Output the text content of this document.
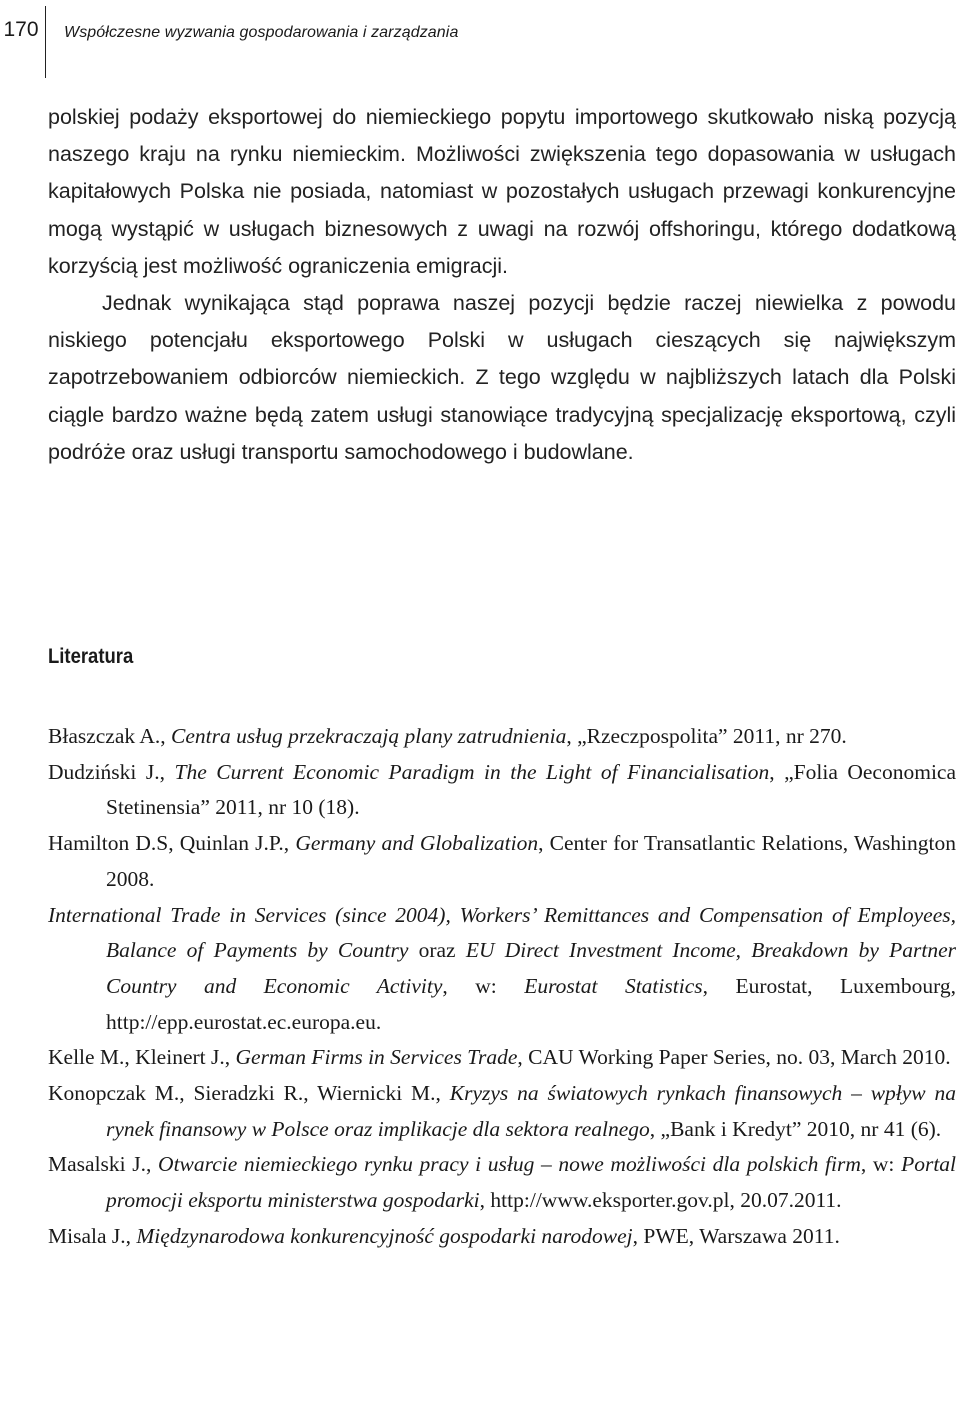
170 Współczesne wyzwania gospodarowania i zarządzania

polskiej podaży eksportowej do niemieckiego popytu importowego skutkowało niską pozycją naszego kraju na rynku niemieckim. Możliwości zwiększenia tego dopasowania w usługach kapitałowych Polska nie posiada, natomiast w pozostałych usługach przewagi konkurencyjne mogą wystąpić w usługach biznesowych z uwagi na rozwój offshoringu, którego dodatkową korzyścią jest możliwość ograniczenia emigracji.

Jednak wynikająca stąd poprawa naszej pozycji będzie raczej niewielka z powodu niskiego potencjału eksportowego Polski w usługach cieszących się największym zapotrzebowaniem odbiorców niemieckich. Z tego względu w najbliższych latach dla Polski ciągle bardzo ważne będą zatem usługi stanowiące tradycyjną specjalizację eksportową, czyli podróże oraz usługi transportu samochodowego i budowlane.

Literatura

Błaszczak A., Centra usług przekraczają plany zatrudnienia, „Rzeczpospolita” 2011, nr 270.

Dudziński J., The Current Economic Paradigm in the Light of Financialisation, „Folia Oeconomica Stetinensia” 2011, nr 10 (18).

Hamilton D.S, Quinlan J.P., Germany and Globalization, Center for Transatlantic Relations, Washington 2008.

International Trade in Services (since 2004), Workers’ Remittances and Compensation of Employees, Balance of Payments by Country oraz EU Direct Investment Income, Breakdown by Partner Country and Economic Activity, w: Eurostat Statistics, Eurostat, Luxembourg, http://epp.eurostat.ec.europa.eu.

Kelle M., Kleinert J., German Firms in Services Trade, CAU Working Paper Series, no. 03, March 2010.

Konopczak M., Sieradzki R., Wiernicki M., Kryzys na światowych rynkach finansowych – wpływ na rynek finansowy w Polsce oraz implikacje dla sektora realnego, „Bank i Kredyt” 2010, nr 41 (6).

Masalski J., Otwarcie niemieckiego rynku pracy i usług – nowe możliwości dla polskich firm, w: Portal promocji eksportu ministerstwa gospodarki, http://www.eksporter.gov.pl, 20.07.2011.

Misala J., Międzynarodowa konkurencyjność gospodarki narodowej, PWE, Warszawa 2011.
